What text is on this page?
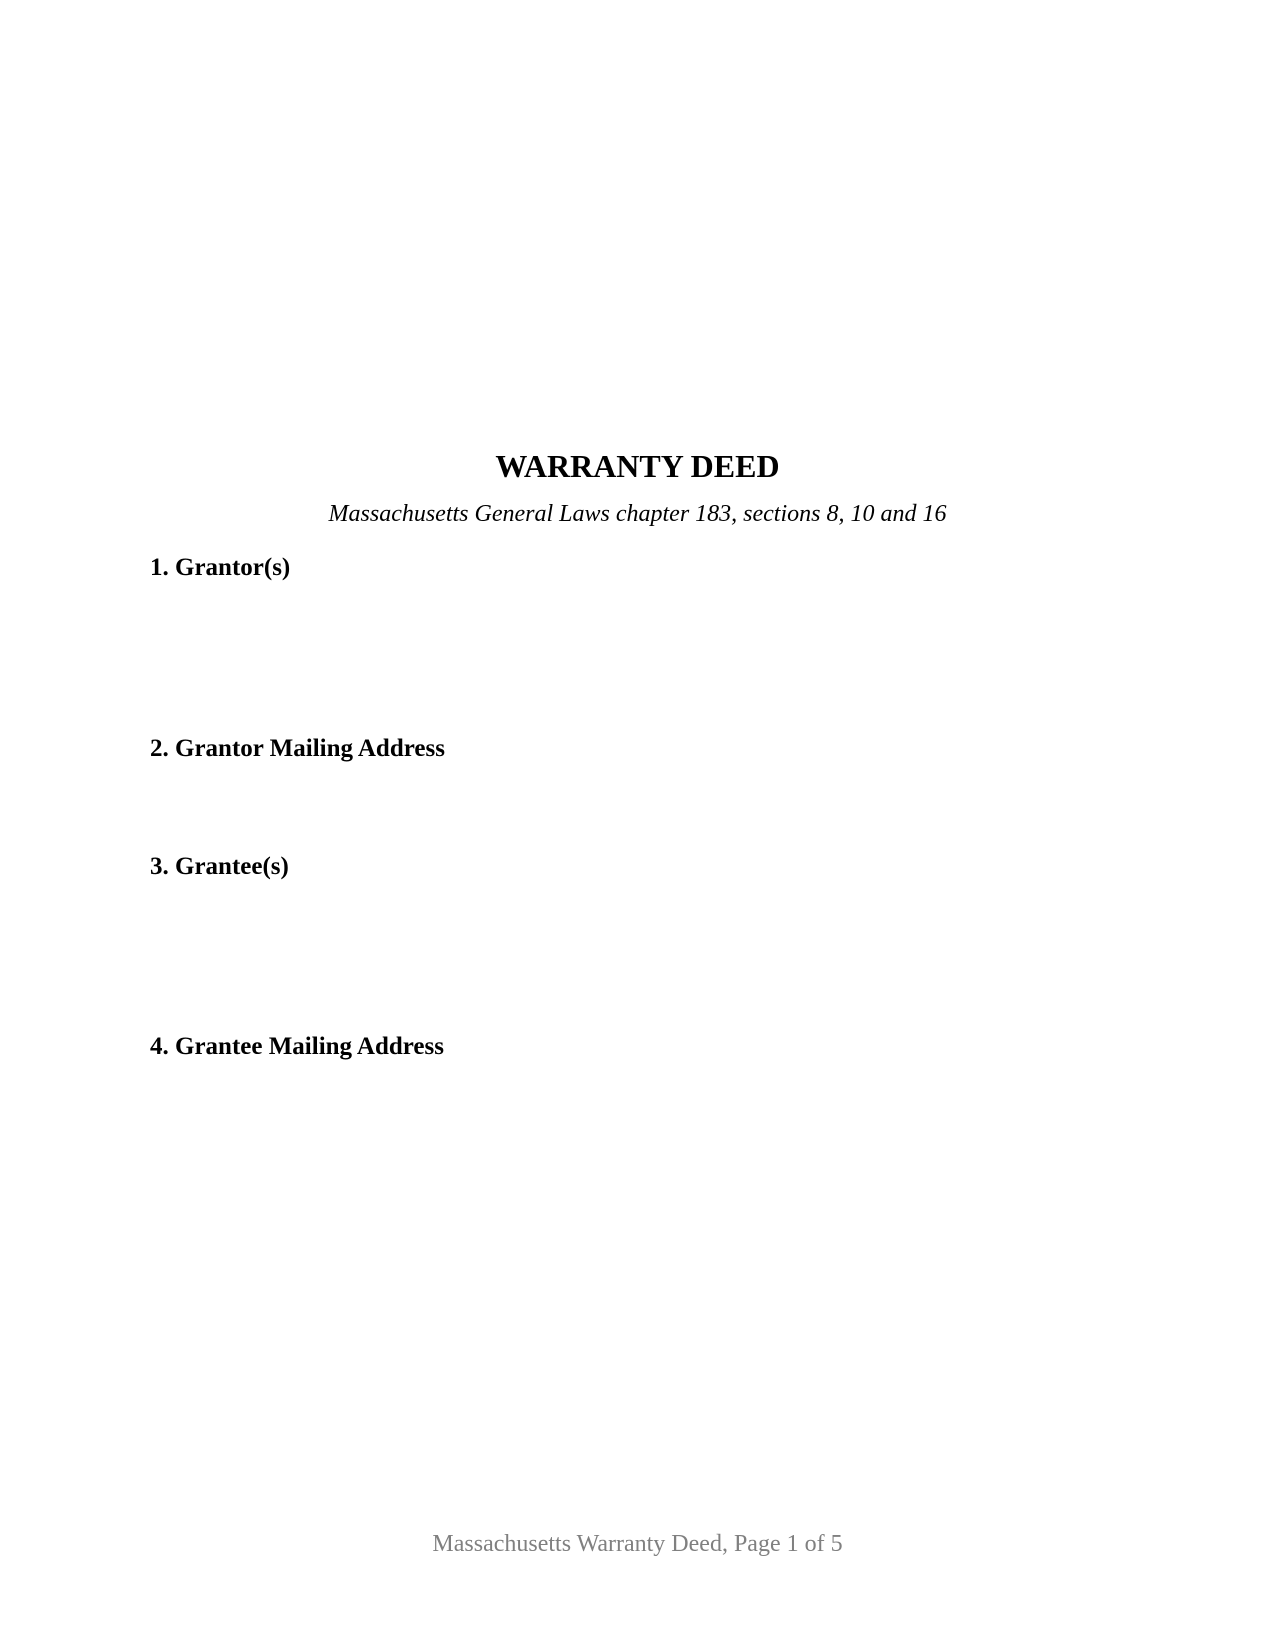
WARRANTY DEED
Massachusetts General Laws chapter 183, sections 8, 10 and 16
1. Grantor(s)
2. Grantor Mailing Address
3. Grantee(s)
4. Grantee Mailing Address
Massachusetts Warranty Deed, Page 1 of 5
